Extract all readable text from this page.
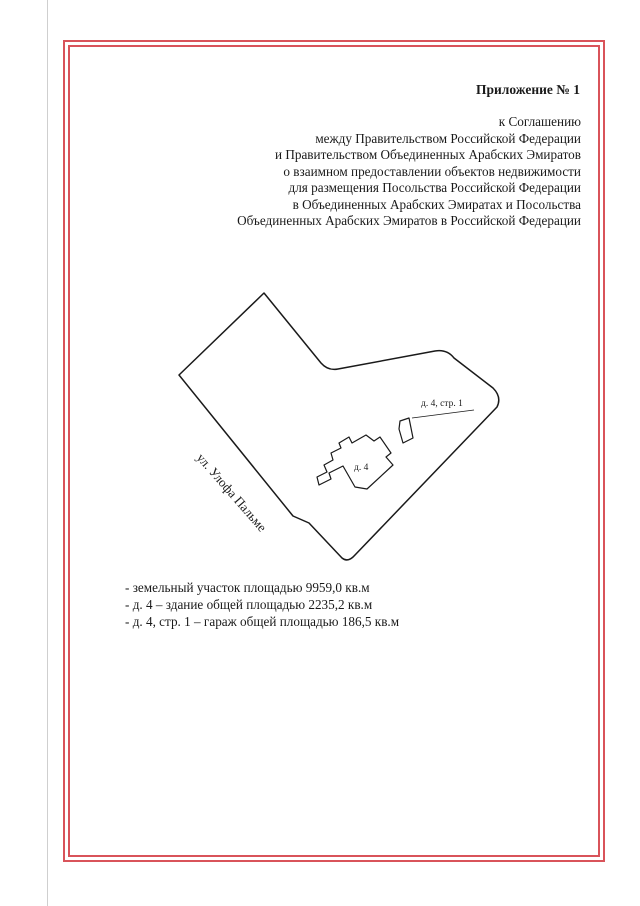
Приложение № 1
к Соглашению
между Правительством Российской Федерации
и Правительством Объединенных Арабских Эмиратов
о взаимном предоставлении объектов недвижимости
для размещения Посольства Российской Федерации
в Объединенных Арабских Эмиратах и Посольства
Объединенных Арабских Эмиратов в Российской Федерации
д. 4, стр. 1
д. 4
ул. Улофа Пальме
- земельный участок площадью 9959,0 кв.м
- д. 4 – здание общей площадью 2235,2 кв.м
- д. 4, стр. 1 – гараж общей площадью 186,5 кв.м
